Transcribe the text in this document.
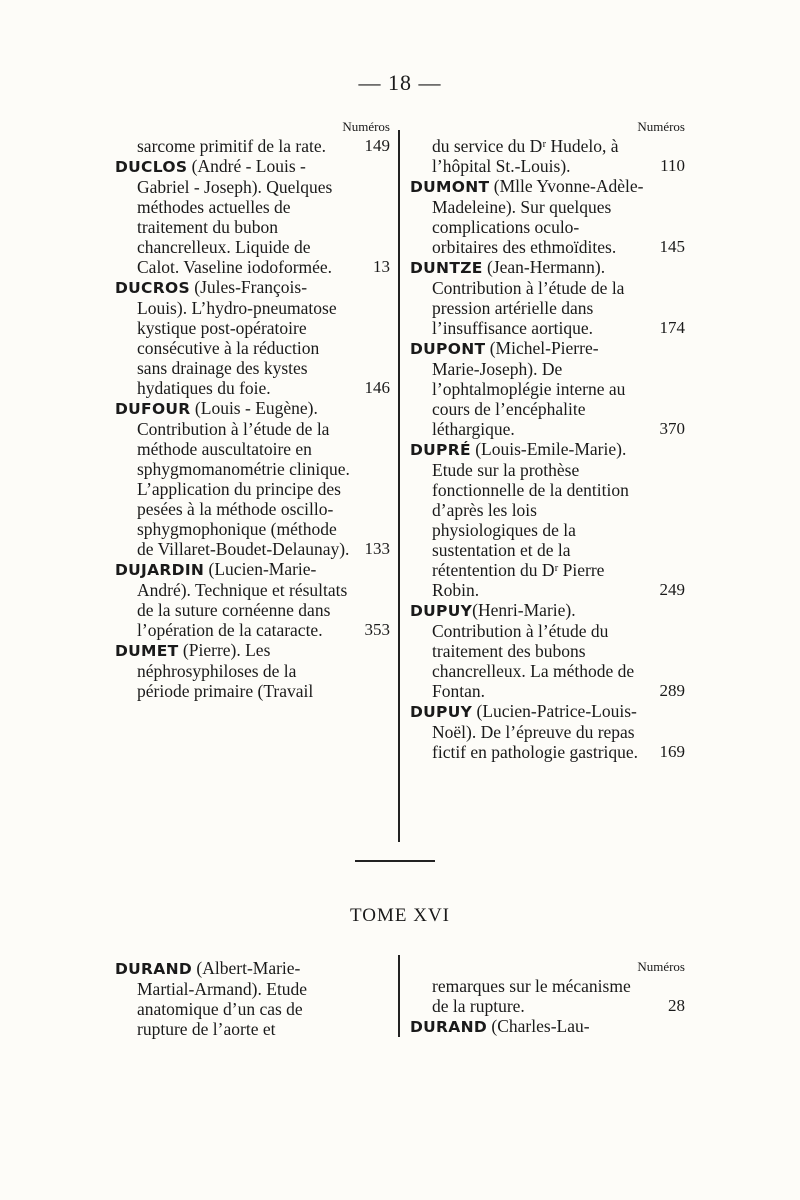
— 18 —
Numéros
sarcome primitif de la rate. 149
DUCLOS (André - Louis - Gabriel - Joseph). Quelques méthodes actuelles de traitement du bubon chancrelleux. Liquide de Calot. Vaseline iodoformée. 13
DUCROS (Jules-François-Louis). L’hydro-pneumatose kystique post-opératoire consécutive à la réduction sans drainage des kystes hydatiques du foie.	146
DUFOUR (Louis - Eugène). Contribution à l’étude de la méthode auscultatoire en sphygmomanométrie clinique. L’application du principe des pesées à la méthode oscillo-sphygmophonique (méthode de Villaret-Boudet-Delaunay). 133
DUJARDIN (Lucien-Marie-André). Technique et résultats de la suture cornéenne dans l’opération de la cataracte. 353
DUMET (Pierre). Les néphrosyphiloses de la période primaire (Travail
Numéros
du service du Dʳ Hudelo, à l’hôpital St.-Louis).	110
DUMONT (Mlle Yvonne-Adèle-Madeleine). Sur quelques complications oculo-orbitaires des ethmoïdites.	145
DUNTZE (Jean-Hermann). Contribution à l’étude de la pression artérielle dans l’insuffisance aortique.	174
DUPONT (Michel-Pierre-Marie-Joseph). De l’ophtalmoplégie interne au cours de l’encéphalite léthargique.	370
DUPRÉ (Louis-Emile-Marie). Etude sur la prothèse fonctionnelle de la dentition d’après les lois physiologiques de la sustentation et de la rétentention du Dʳ Pierre Robin.	249
DUPUY(Henri-Marie). Contribution à l’étude du traitement des bubons chancrelleux. La méthode de Fontan.	289
DUPUY (Lucien-Patrice-Louis-Noël). De l’épreuve du repas fictif en pathologie gastrique. 169
TOME XVI
DURAND (Albert-Marie-Martial-Armand). Etude anatomique d’un cas de rupture de l’aorte et
Numéros
remarques sur le mécanisme de la rupture.	28
DURAND (Charles-Lau-
